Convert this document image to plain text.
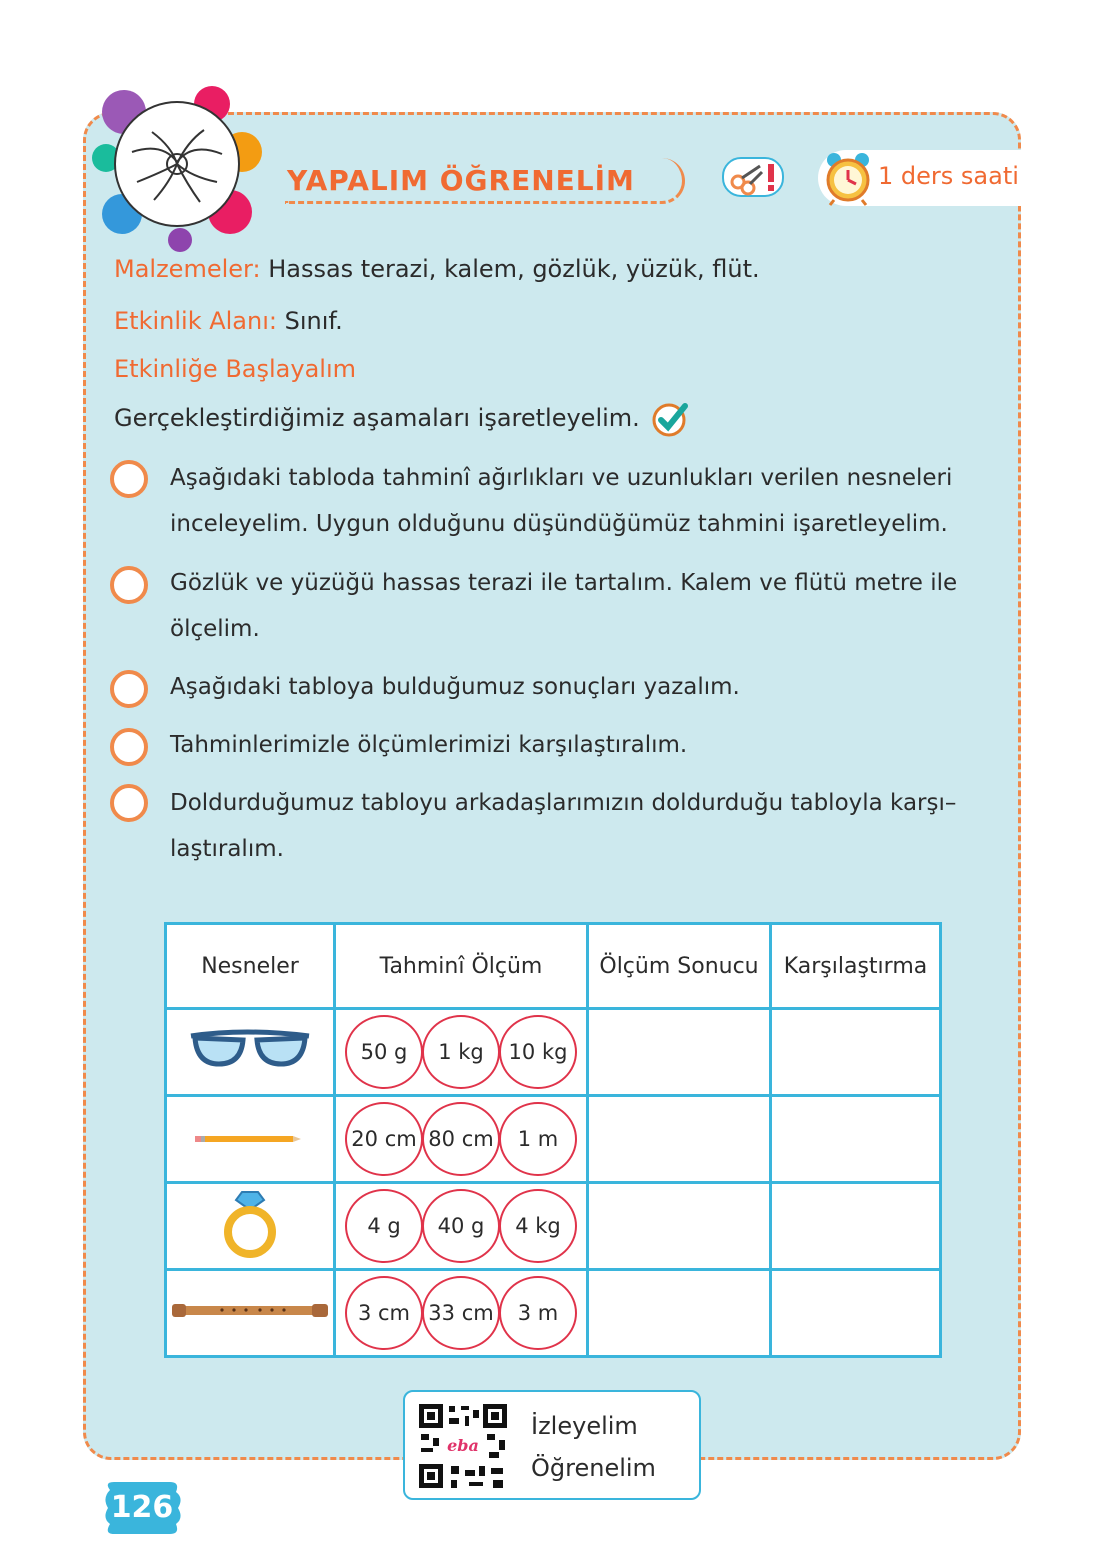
YAPALIM ÖĞRENELİM	1 ders saati
Malzemeler: Hassas terazi, kalem, gözlük, yüzük, flüt.
Etkinlik Alanı: Sınıf.
Etkinliğe Başlayalım
Gerçekleştirdiğimiz aşamaları işaretleyelim.
Aşağıdaki tabloda tahminî ağırlıkları ve uzunlukları verilen nesneleri inceleyelim. Uygun olduğunu düşündüğümüz tahmini işaretleyelim.
Gözlük ve yüzüğü hassas terazi ile tartalım. Kalem ve flütü metre ile ölçelim.
Aşağıdaki tabloya bulduğumuz sonuçları yazalım.
Tahminlerimizle ölçümlerimizi karşılaştıralım.
Doldurduğumuz tabloyu arkadaşlarımızın doldurduğu tabloyla karşı– laştıralım.
Nesneler	Tahminî Ölçüm	Ölçüm Sonucu	Karşılaştırma
	50 g 1 kg 10 kg		
	20 cm 80 cm 1 m		
	4 g 40 g 4 kg		
	3 cm 33 cm 3 m		
eba
İzleyelim
Öğrenelim
126
